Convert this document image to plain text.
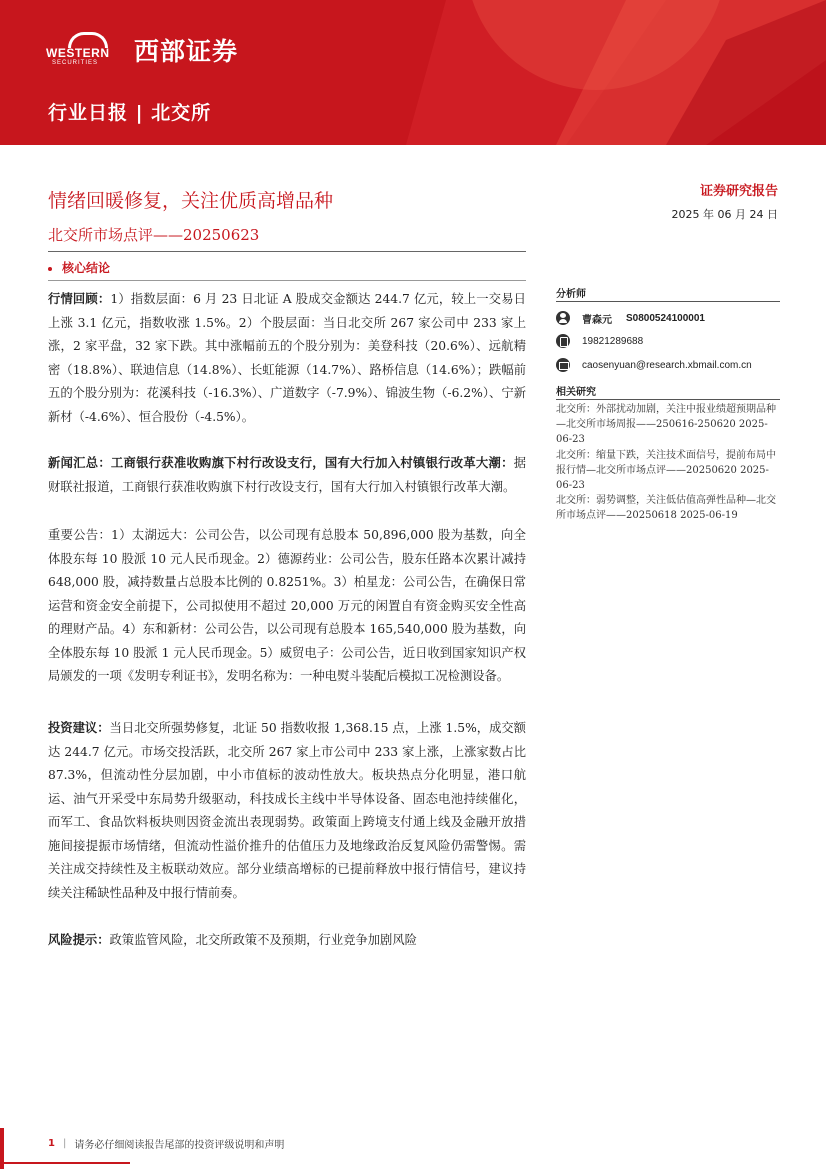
WESTERN
SECURITIES 西部证券
行业日报 | 北交所
证券研究报告
2025 年 06 月 24 日
情绪回暖修复，关注优质高增品种
北交所市场点评——20250623
核心结论
行情回顾：1）指数层面：6 月 23 日北证 A 股成交金额达 244.7 亿元，较上一交易日上涨 3.1 亿元，指数收涨 1.5%。2）个股层面：当日北交所 267 家公司中 233 家上涨，2 家平盘，32 家下跌。其中涨幅前五的个股分别为：美登科技（20.6%）、远航精密（18.8%）、联迪信息（14.8%）、长虹能源（14.7%）、路桥信息（14.6%）；跌幅前五的个股分别为：花溪科技（-16.3%）、广道数字（-7.9%）、锦波生物（-6.2%）、宁新新材（-4.6%）、恒合股份（-4.5%）。
新闻汇总：工商银行获准收购旗下村行改设支行，国有大行加入村镇银行改革大潮：据财联社报道，工商银行获准收购旗下村行改设支行，国有大行加入村镇银行改革大潮。
重要公告：1）太湖远大：公司公告，以公司现有总股本 50,896,000 股为基数，向全体股东每 10 股派 10 元人民币现金。2）德源药业：公司公告，股东任路本次累计减持 648,000 股，减持数量占总股本比例的 0.8251%。3）柏星龙：公司公告，在确保日常运营和资金安全前提下，公司拟使用不超过 20,000 万元的闲置自有资金购买安全性高的理财产品。4）东和新材：公司公告，以公司现有总股本 165,540,000 股为基数，向全体股东每 10 股派 1 元人民币现金。5）威贸电子：公司公告，近日收到国家知识产权局颁发的一项《发明专利证书》，发明名称为：一种电熨斗装配后模拟工况检测设备。
投资建议：当日北交所强势修复，北证 50 指数收报 1,368.15 点，上涨 1.5%，成交额达 244.7 亿元。市场交投活跃，北交所 267 家上市公司中 233 家上涨，上涨家数占比 87.3%，但流动性分层加剧，中小市值标的波动性放大。板块热点分化明显，港口航运、油气开采受中东局势升级驱动，科技成长主线中半导体设备、固态电池持续催化，而军工、食品饮料板块则因资金流出表现弱势。政策面上跨境支付通上线及金融开放措施间接提振市场情绪，但流动性溢价推升的估值压力及地缘政治反复风险仍需警惕。需关注成交持续性及主板联动效应。部分业绩高增标的已提前释放中报行情信号，建议持续关注稀缺性品种及中报行情前奏。
风险提示：政策监管风险，北交所政策不及预期，行业竞争加剧风险
分析师
曹森元 S0800524100001
19821289688
caosenyuan@research.xbmail.com.cn
相关研究
北交所：外部扰动加剧，关注中报业绩超预期品种—北交所市场周报——250616-250620 2025-06-23
北交所：缩量下跌，关注技术面信号，提前布局中报行情—北交所市场点评——20250620 2025-06-23
北交所：弱势调整，关注低估值高弹性品种—北交所市场点评——20250618 2025-06-19
1 | 请务必仔细阅读报告尾部的投资评级说明和声明
